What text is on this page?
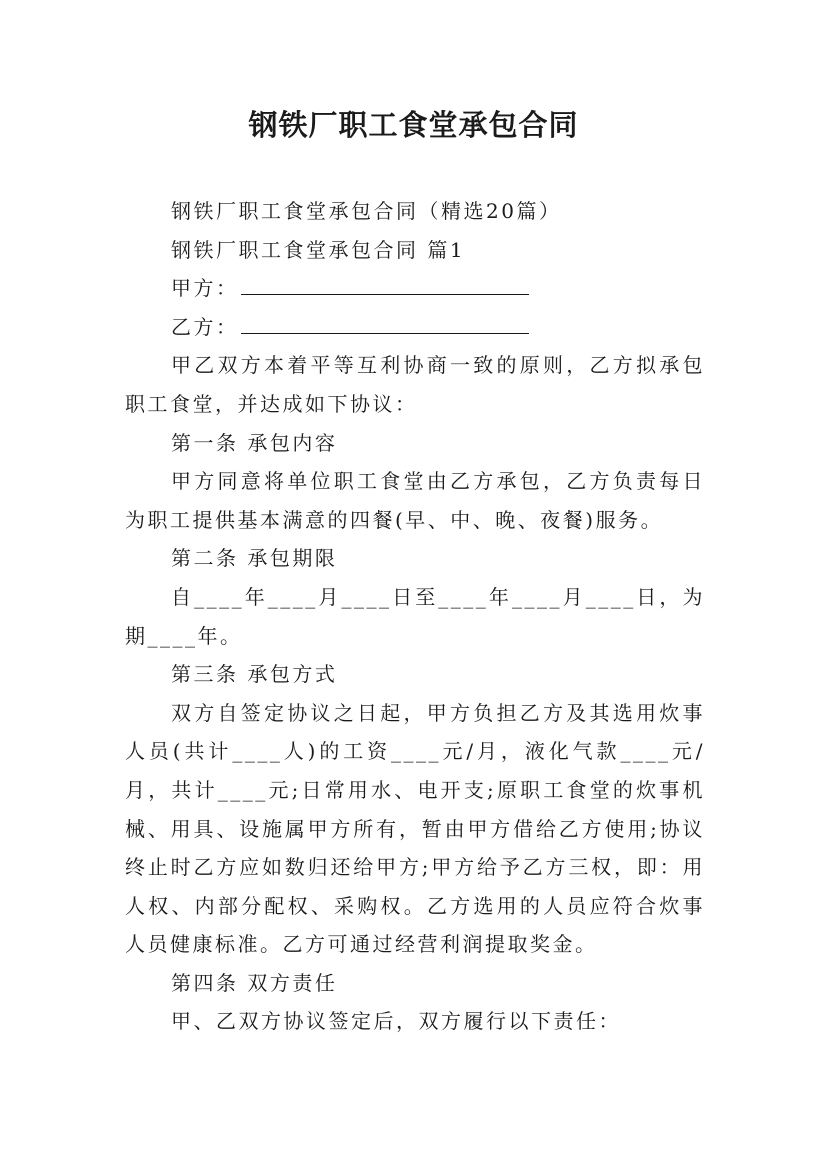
钢铁厂职工食堂承包合同

钢铁厂职工食堂承包合同（精选20篇）

钢铁厂职工食堂承包合同 篇1

甲方：

乙方：

甲乙双方本着平等互利协商一致的原则，乙方拟承包职工食堂，并达成如下协议：

第一条 承包内容

甲方同意将单位职工食堂由乙方承包，乙方负责每日为职工提供基本满意的四餐(早、中、晚、夜餐)服务。

第二条 承包期限

自____年____月____日至____年____月____日，为期____年。

第三条 承包方式

双方自签定协议之日起，甲方负担乙方及其选用炊事人员(共计____人)的工资____元/月，液化气款____元/月，共计____元;日常用水、电开支;原职工食堂的炊事机械、用具、设施属甲方所有，暂由甲方借给乙方使用;协议终止时乙方应如数归还给甲方;甲方给予乙方三权，即：用人权、内部分配权、采购权。乙方选用的人员应符合炊事人员健康标准。乙方可通过经营利润提取奖金。

第四条 双方责任

甲、乙双方协议签定后，双方履行以下责任：
